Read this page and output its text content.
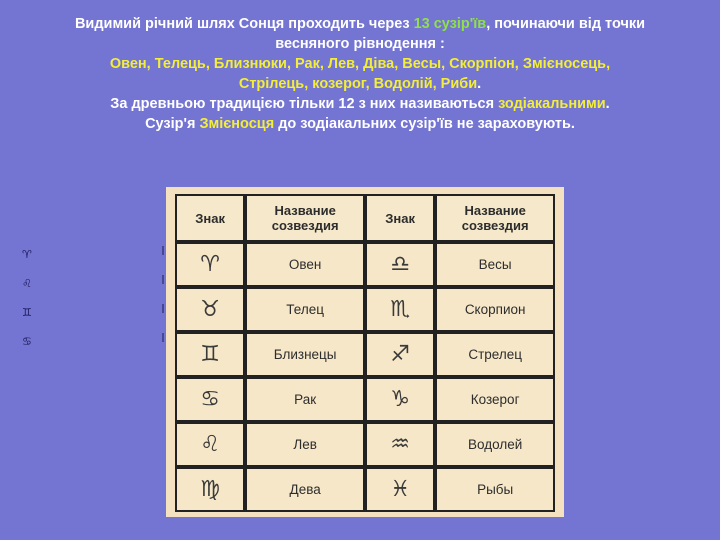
Видимий річний шлях Сонця проходить через 13 сузір'їв, починаючи від точки
весняного рівнодення :
Овен, Телець, Близнюки, Рак, Лев, Діва, Весы, Скорпіон, Змієносець,
Стрілець, козерог, Водолій, Риби.
За древньою традицією тільки 12 з них називаються зодіакальними.
Сузір'я Змієносця до зодіакальних сузір'їв не зараховують.
♈
♌
♊
♋
Знак	Название созвездия	Знак	Название созвездия
♈	Овен	♎	Весы
♉	Телец	♏	Скорпион
♊	Близнецы	♐	Стрелец
♋	Рак	♑	Козерог
♌	Лев	♒	Водолей
♍	Дева	♓	Рыбы
